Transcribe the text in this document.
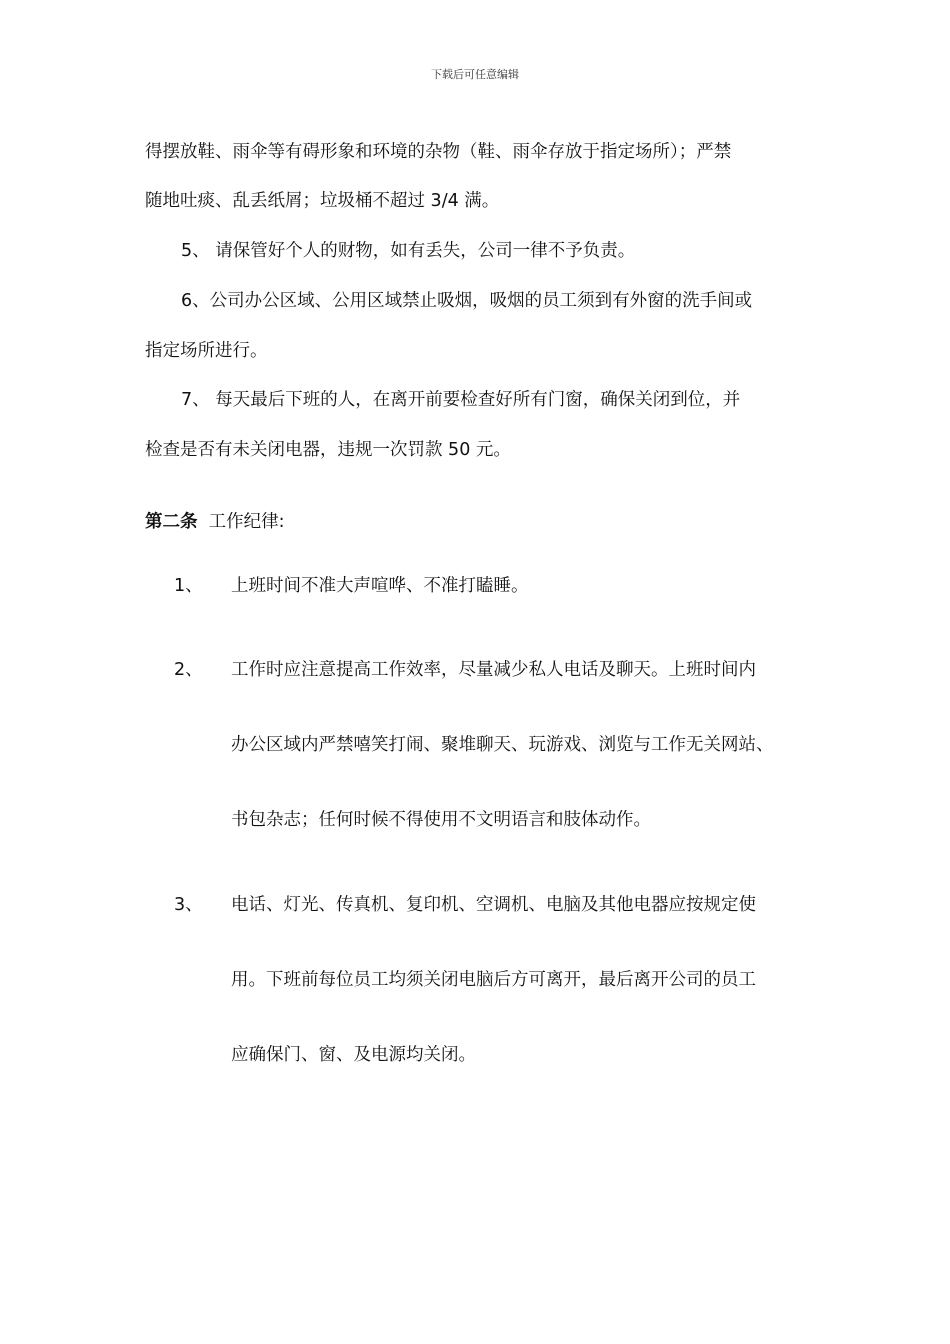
下载后可任意编辑
得摆放鞋、雨伞等有碍形象和环境的杂物（鞋、雨伞存放于指定场所）；严禁
随地吐痰、乱丢纸屑；垃圾桶不超过 3/4 满。
5、 请保管好个人的财物，如有丢失，公司一律不予负责。
6、公司办公区域、公用区域禁止吸烟，吸烟的员工须到有外窗的洗手间或
指定场所进行。
7、 每天最后下班的人，在离开前要检查好所有门窗，确保关闭到位，并
检查是否有未关闭电器，违规一次罚款 50 元。
第二条 工作纪律:
1、 上班时间不准大声喧哗、不准打瞌睡。
2、 工作时应注意提高工作效率，尽量减少私人电话及聊天。上班时间内
办公区域内严禁嘻笑打闹、聚堆聊天、玩游戏、浏览与工作无关网站、
书包杂志；任何时候不得使用不文明语言和肢体动作。
3、 电话、灯光、传真机、复印机、空调机、电脑及其他电器应按规定使
用。下班前每位员工均须关闭电脑后方可离开，最后离开公司的员工
应确保门、窗、及电源均关闭。
